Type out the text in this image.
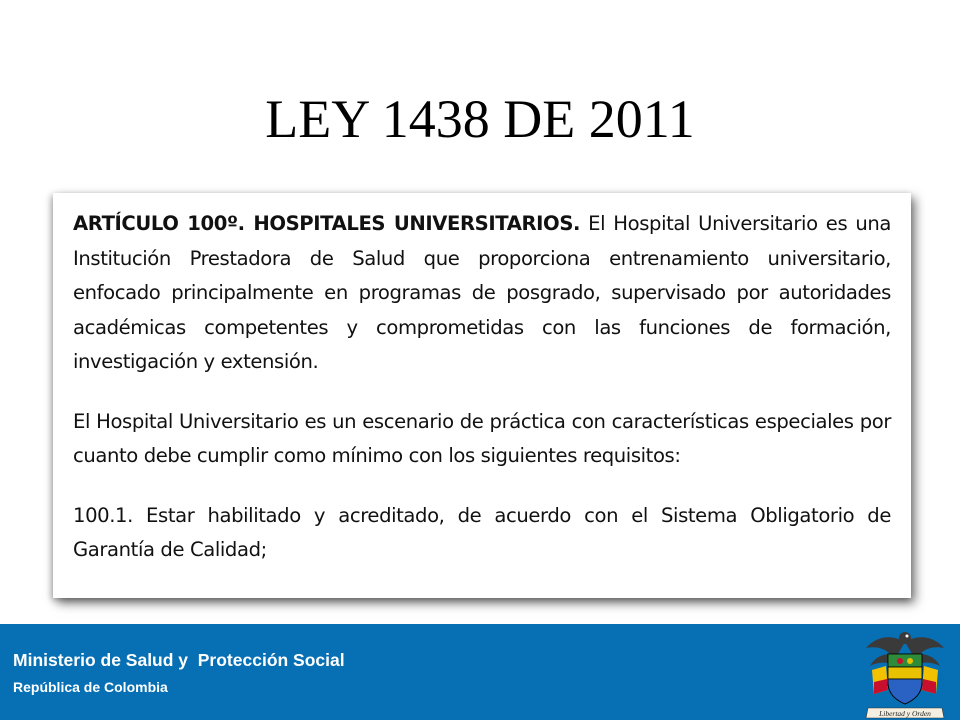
LEY 1438 DE 2011

ARTÍCULO 100º. HOSPITALES UNIVERSITARIOS. El Hospital Universitario es una Institución Prestadora de Salud que proporciona entrenamiento universitario, enfocado principalmente en programas de posgrado, supervisado por autoridades académicas competentes y comprometidas con las funciones de formación, investigación y extensión.

El Hospital Universitario es un escenario de práctica con características especiales por cuanto debe cumplir como mínimo con los siguientes requisitos:

100.1. Estar habilitado y acreditado, de acuerdo con el Sistema Obligatorio de Garantía de Calidad;

Ministerio de Salud y  Protección Social
República de Colombia
Libertad y Orden
